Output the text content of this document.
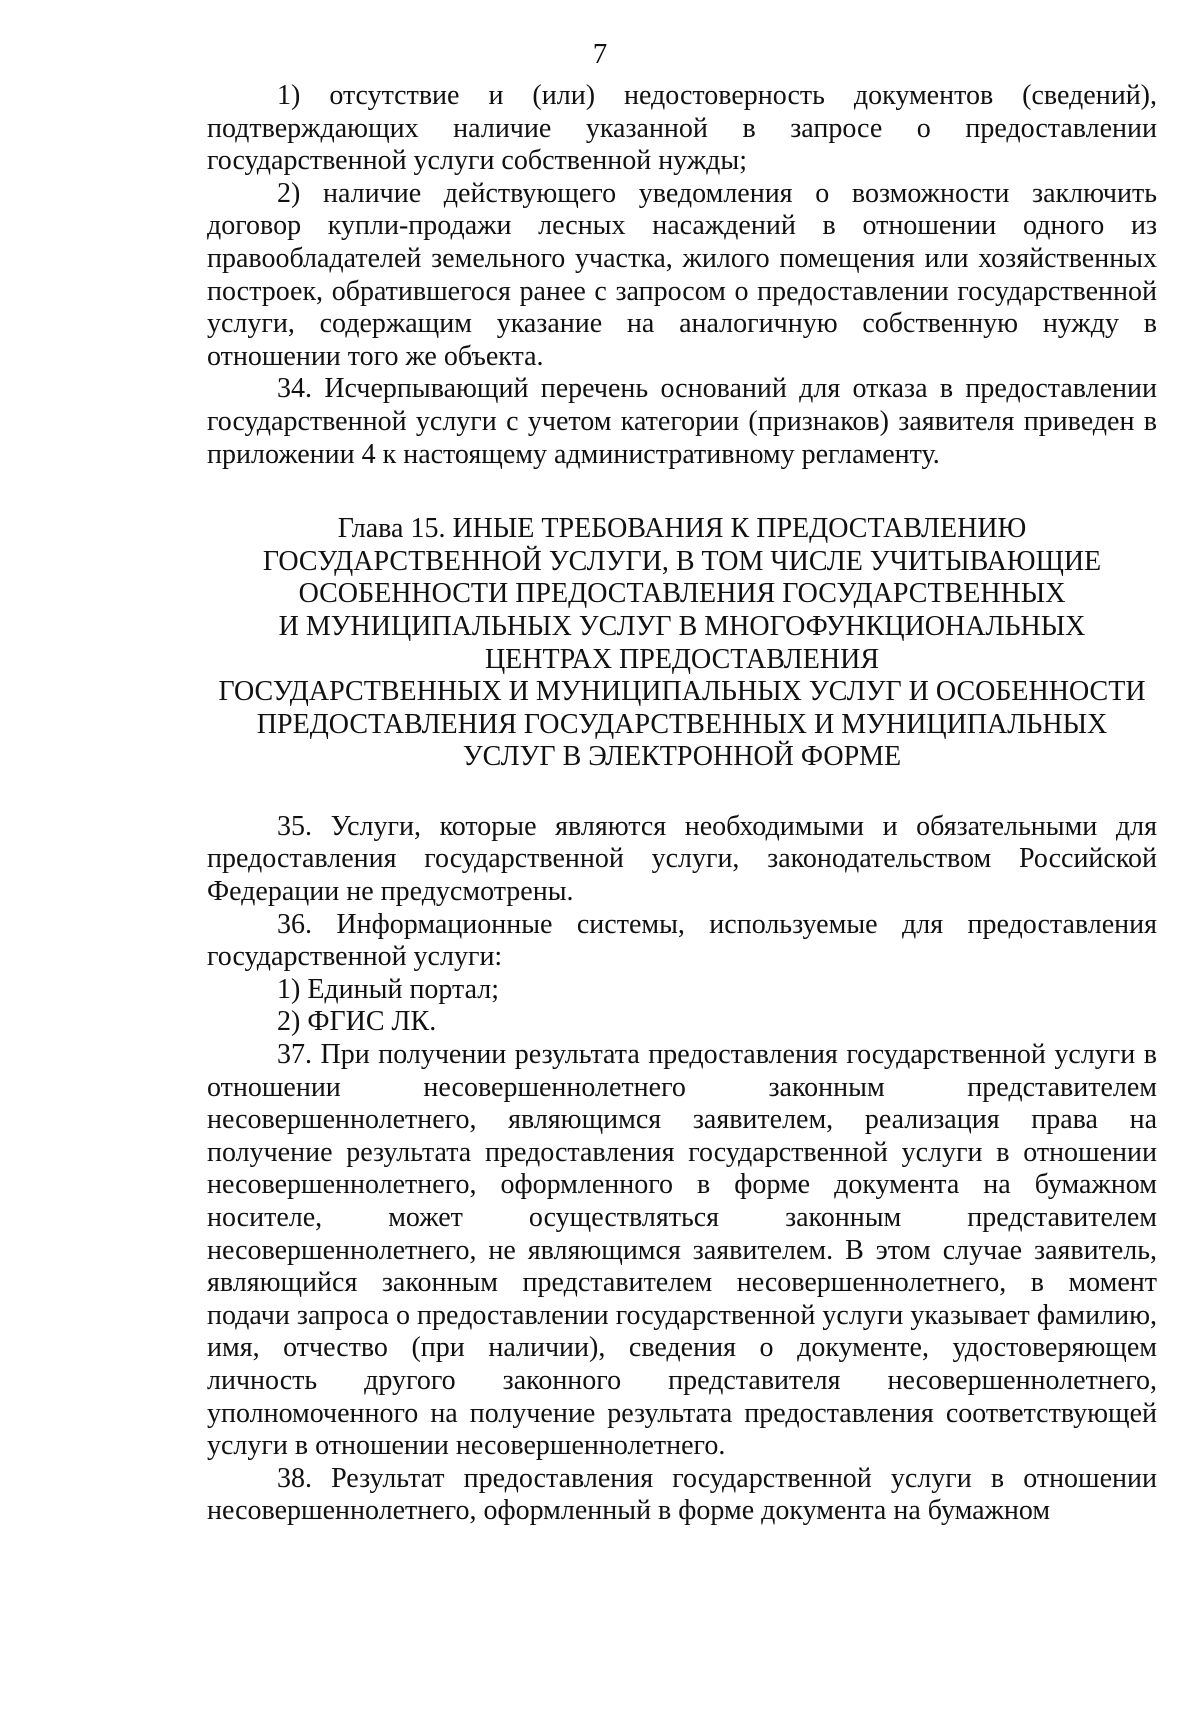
7

1) отсутствие и (или) недостоверность документов (сведений), подтверждающих наличие указанной в запросе о предоставлении государственной услуги собственной нужды;

2) наличие действующего уведомления о возможности заключить договор купли-продажи лесных насаждений в отношении одного из правообладателей земельного участка, жилого помещения или хозяйственных построек, обратившегося ранее с запросом о предоставлении государственной услуги, содержащим указание на аналогичную собственную нужду в отношении того же объекта.

34. Исчерпывающий перечень оснований для отказа в предоставлении государственной услуги с учетом категории (признаков) заявителя приведен в приложении 4 к настоящему административному регламенту.

Глава 15. ИНЫЕ ТРЕБОВАНИЯ К ПРЕДОСТАВЛЕНИЮ
ГОСУДАРСТВЕННОЙ УСЛУГИ, В ТОМ ЧИСЛЕ УЧИТЫВАЮЩИЕ
ОСОБЕННОСТИ ПРЕДОСТАВЛЕНИЯ ГОСУДАРСТВЕННЫХ
И МУНИЦИПАЛЬНЫХ УСЛУГ В МНОГОФУНКЦИОНАЛЬНЫХ
ЦЕНТРАХ ПРЕДОСТАВЛЕНИЯ
ГОСУДАРСТВЕННЫХ И МУНИЦИПАЛЬНЫХ УСЛУГ И ОСОБЕННОСТИ
ПРЕДОСТАВЛЕНИЯ ГОСУДАРСТВЕННЫХ И МУНИЦИПАЛЬНЫХ
УСЛУГ В ЭЛЕКТРОННОЙ ФОРМЕ

35. Услуги, которые являются необходимыми и обязательными для предоставления государственной услуги, законодательством Российской Федерации не предусмотрены.

36. Информационные системы, используемые для предоставления государственной услуги:

1) Единый портал;

2) ФГИС ЛК.

37. При получении результата предоставления государственной услуги в отношении несовершеннолетнего законным представителем несовершеннолетнего, являющимся заявителем, реализация права на получение результата предоставления государственной услуги в отношении несовершеннолетнего, оформленного в форме документа на бумажном носителе, может осуществляться законным представителем несовершеннолетнего, не являющимся заявителем. В этом случае заявитель, являющийся законным представителем несовершеннолетнего, в момент подачи запроса о предоставлении государственной услуги указывает фамилию, имя, отчество (при наличии), сведения о документе, удостоверяющем личность другого законного представителя несовершеннолетнего, уполномоченного на получение результата предоставления соответствующей услуги в отношении несовершеннолетнего.

38. Результат предоставления государственной услуги в отношении несовершеннолетнего, оформленный в форме документа на бумажном
